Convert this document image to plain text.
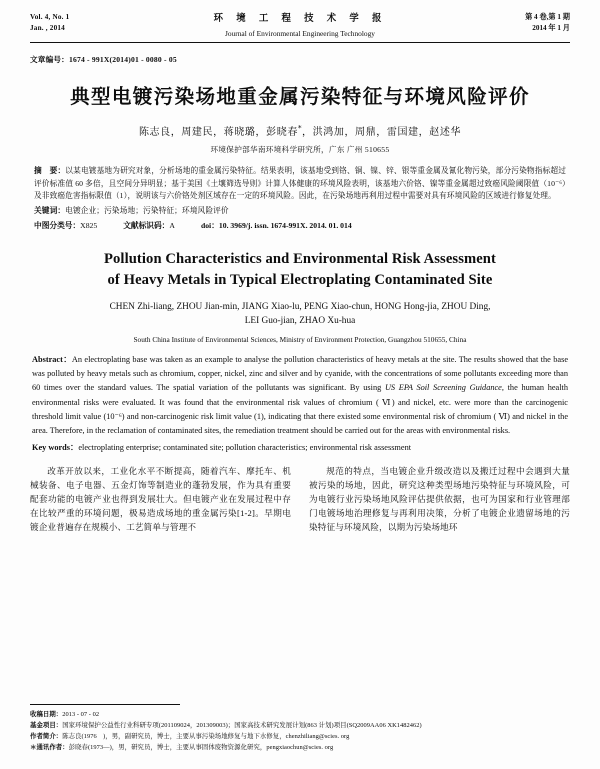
Vol. 4, No. 1
Jan. , 2014
环 境 工 程 技 术 学 报
Journal of Environmental Engineering Technology
第 4 卷,第 1 期
2014 年 1 月
文章编号：1674 - 991X(2014)01 - 0080 - 05
典型电镀污染场地重金属污染特征与环境风险评价
陈志良，周建民，蒋晓璐，彭晓春*，洪鸿加，周鼎，雷国建，赵述华
环境保护部华南环境科学研究所，广东 广州 510655
摘　要：以某电镀基地为研究对象，分析场地的重金属污染特征。结果表明，该基地受到铬、铜、镍、锌、银等重金属及氰化物污染，部分污染物指标超过评价标准值 60 多倍，且空间分异明显；基于美国《土壤筛选导则》计算人体健康的环境风险表明，该基地六价铬、镍等重金属超过致癌风险阈限值（10⁻⁶）及非致癌危害指标限值（1），说明该与六价铬处剂区域存在一定的环境风险。因此，在污染场地再利用过程中需要对具有环境风险的区域进行修复处理。
关键词：电镀企业；污染场地；污染特征；环境风险评价
中图分类号：X825	文献标识码：A	doi：10. 3969/j. issn. 1674-991X. 2014. 01. 014
Pollution Characteristics and Environmental Risk Assessment
of Heavy Metals in Typical Electroplating Contaminated Site
CHEN Zhi-liang, ZHOU Jian-min, JIANG Xiao-lu, PENG Xiao-chun, HONG Hong-jia, ZHOU Ding,
LEI Guo-jian, ZHAO Xu-hua
South China Institute of Environmental Sciences, Ministry of Environment Protection, Guangzhou 510655, China
Abstract：An electroplating base was taken as an example to analyse the pollution characteristics of heavy metals at the site. The results showed that the base was polluted by heavy metals such as chromium, copper, nickel, zinc and silver and by cyanide, with the concentrations of some pollutants exceeding more than 60 times over the standard values. The spatial variation of the pollutants was significant. By using US EPA Soil Screening Guidance, the human health environmental risks were evaluated. It was found that the environmental risk values of chromium ( Ⅵ) and nickel, etc. were more than the carcinogenic threshold limit value (10⁻⁶) and non-carcinogenic risk limit value (1), indicating that there existed some environmental risk of chromium ( Ⅵ) and nickel in the area. Therefore, in the reclamation of contaminated sites, the remediation treatment should be carried out for the areas with environmental risks.
Key words：electroplating enterprise; contaminated site; pollution characteristics; environmental risk assessment

改革开放以来，工业化水平不断提高，随着汽车、摩托车、机械装备、电子电器、五金灯饰等制造业的蓬勃发展，作为具有重要配套功能的电镀产业也得到发展壮大。但电镀产业在发展过程中存在比较严重的环境问题，极易造成场地的重金属污染[1-2]。早期电镀企业普遍存在规模小、工艺简单与管理不

规范的特点，当电镀企业升级改造以及搬迁过程中会遇到大量被污染的场地，因此，研究这种类型场地污染特征与环境风险，可为电镀行业污染场地风险评估提供依据，也可为国家和行业管理部门电镀场地治理修复与再利用决策，分析了电镀企业遗留场地的污染特征与环境风险，以期为污染场地环

收稿日期：2013 - 07 - 02
基金项目：国家环境保护公益性行业科研专项(201109024，201309003)；国家高技术研究发展计划(863 计划)项目(SQ2009AA06 XK1482462)
作者简介：陈志良(1976　)，男，副研究员，博士，主要从事污染场地修复与地下水修复，chenzhiliang@scies. org
＊通讯作者：彭晓春(1973—)，男，研究员，博士，主要从事固体废物资源化研究，pengxiaochun@scies. org
